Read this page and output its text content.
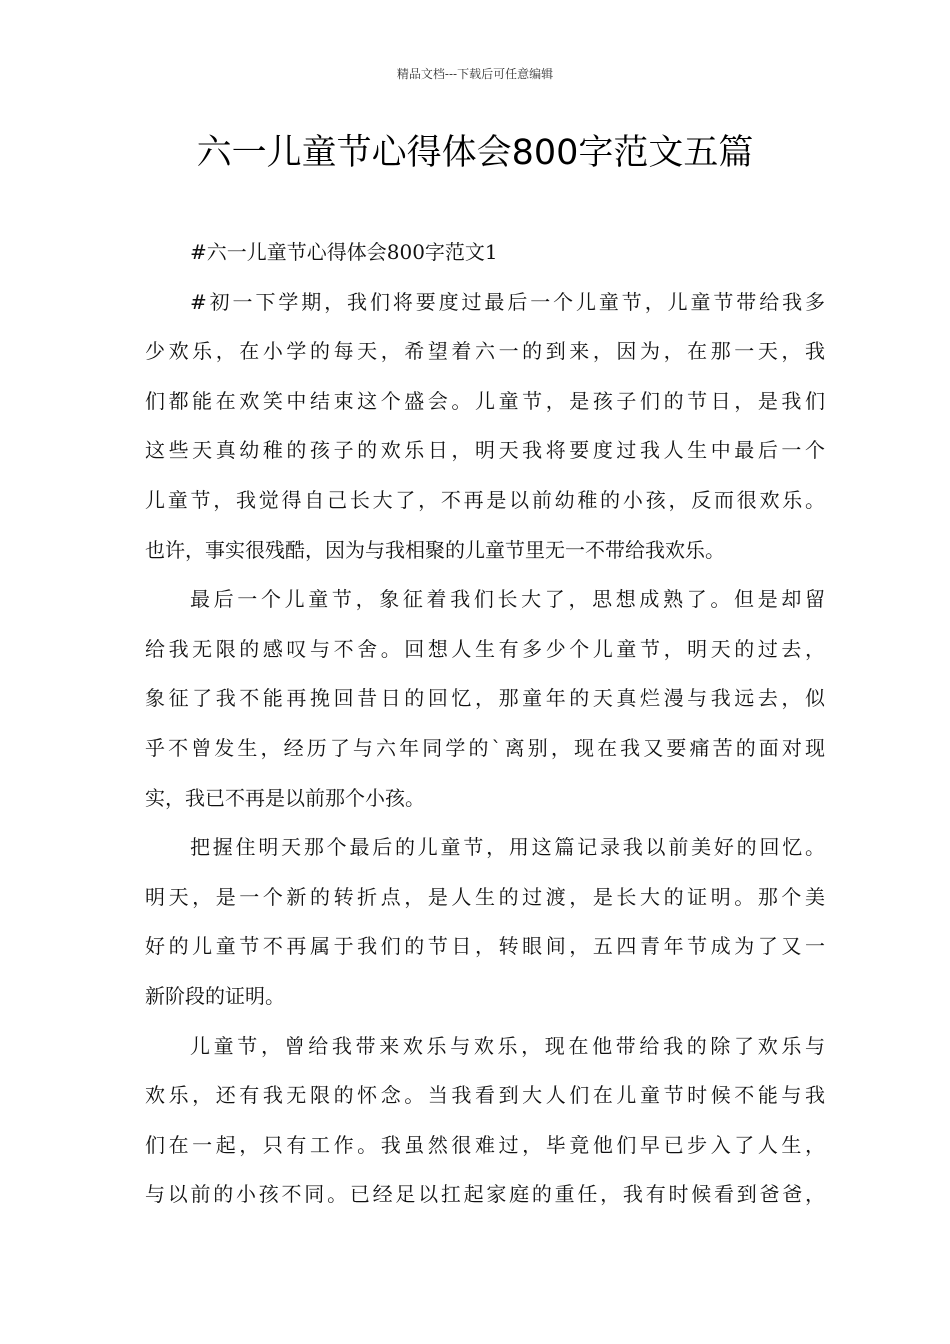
精品文档---下载后可任意编辑
六一儿童节心得体会800字范文五篇
#六一儿童节心得体会800字范文1
#初一下学期，我们将要度过最后一个儿童节，儿童节带给我多
少欢乐，在小学的每天，希望着六一的到来，因为，在那一天，我
们都能在欢笑中结束这个盛会。儿童节，是孩子们的节日，是我们
这些天真幼稚的孩子的欢乐日，明天我将要度过我人生中最后一个
儿童节，我觉得自己长大了，不再是以前幼稚的小孩，反而很欢乐。
也许，事实很残酷，因为与我相聚的儿童节里无一不带给我欢乐。
最后一个儿童节，象征着我们长大了，思想成熟了。但是却留
给我无限的感叹与不舍。回想人生有多少个儿童节，明天的过去，
象征了我不能再挽回昔日的回忆，那童年的天真烂漫与我远去，似
乎不曾发生，经历了与六年同学的`离别，现在我又要痛苦的面对现
实，我已不再是以前那个小孩。
把握住明天那个最后的儿童节，用这篇记录我以前美好的回忆。
明天，是一个新的转折点，是人生的过渡，是长大的证明。那个美
好的儿童节不再属于我们的节日，转眼间，五四青年节成为了又一
新阶段的证明。
儿童节，曾给我带来欢乐与欢乐，现在他带给我的除了欢乐与
欢乐，还有我无限的怀念。当我看到大人们在儿童节时候不能与我
们在一起，只有工作。我虽然很难过，毕竟他们早已步入了人生，
与以前的小孩不同。已经足以扛起家庭的重任，我有时候看到爸爸，
